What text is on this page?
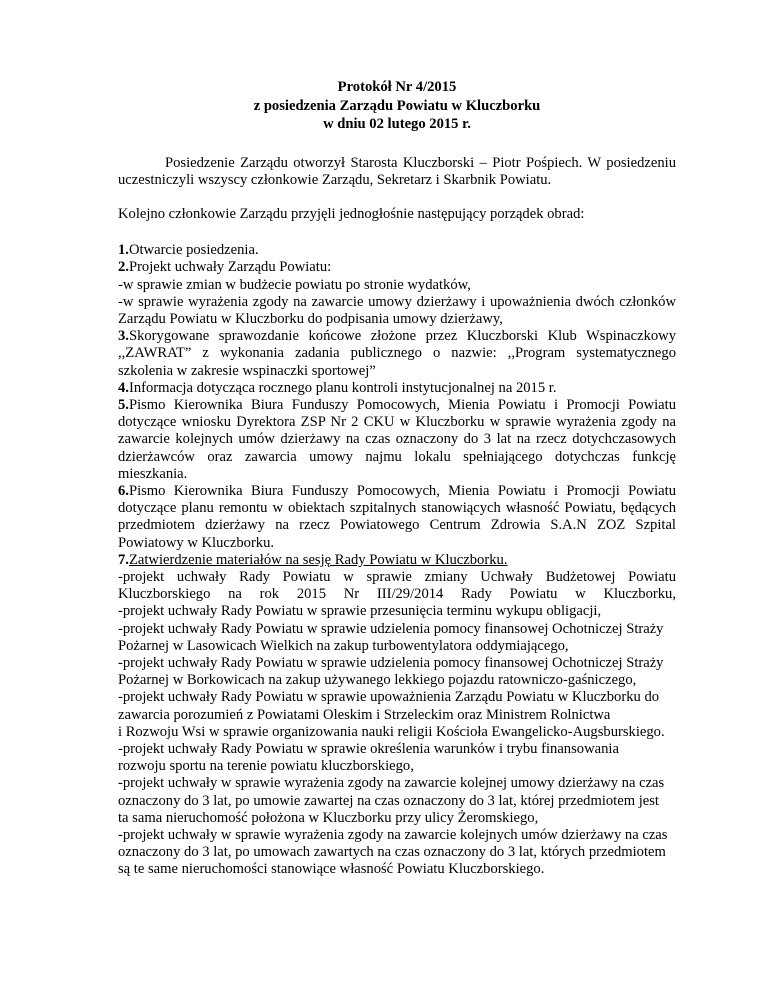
Protokół Nr 4/2015
z posiedzenia Zarządu Powiatu w Kluczborku
w dniu 02 lutego 2015 r.
Posiedzenie Zarządu otworzył Starosta Kluczborski – Piotr Pośpiech. W posiedzeniu
uczestniczyli wszyscy członkowie Zarządu, Sekretarz i Skarbnik Powiatu.
Kolejno członkowie Zarządu przyjęli jednogłośnie następujący porządek obrad:
1.Otwarcie posiedzenia.
2.Projekt uchwały Zarządu Powiatu:
-w sprawie zmian w budżecie powiatu po stronie wydatków,
-w sprawie wyrażenia zgody na zawarcie umowy dzierżawy i upoważnienia dwóch członków
Zarządu Powiatu w Kluczborku do podpisania umowy dzierżawy,
3.Skorygowane sprawozdanie końcowe złożone przez Kluczborski Klub Wspinaczkowy
,,ZAWRAT” z wykonania zadania publicznego o nazwie: ,,Program systematycznego
szkolenia w zakresie wspinaczki sportowej”
4.Informacja dotycząca rocznego planu kontroli instytucjonalnej na 2015 r.
5.Pismo Kierownika Biura Funduszy Pomocowych, Mienia Powiatu i Promocji Powiatu
dotyczące wniosku Dyrektora ZSP Nr 2 CKU w Kluczborku w sprawie wyrażenia zgody na
zawarcie kolejnych umów dzierżawy na czas oznaczony do 3 lat na rzecz dotychczasowych
dzierżawców oraz zawarcia umowy najmu lokalu spełniającego dotychczas funkcję
mieszkania.
6.Pismo Kierownika Biura Funduszy Pomocowych, Mienia Powiatu i Promocji Powiatu
dotyczące planu remontu w obiektach szpitalnych stanowiących własność Powiatu, będących
przedmiotem dzierżawy na rzecz Powiatowego Centrum Zdrowia S.A.N ZOZ Szpital
Powiatowy w Kluczborku.
7.Zatwierdzenie materiałów na sesję Rady Powiatu w Kluczborku.
-projekt uchwały Rady Powiatu w sprawie zmiany Uchwały Budżetowej Powiatu
Kluczborskiego na rok 2015 Nr III/29/2014 Rady Powiatu w Kluczborku,
-projekt uchwały Rady Powiatu w sprawie przesunięcia terminu wykupu obligacji,
-projekt uchwały Rady Powiatu w sprawie udzielenia pomocy finansowej Ochotniczej Straży
Pożarnej w Lasowicach Wielkich na zakup turbowentylatora oddymiającego,
-projekt uchwały Rady Powiatu w sprawie udzielenia pomocy finansowej Ochotniczej Straży
Pożarnej w Borkowicach na zakup używanego lekkiego pojazdu ratowniczo-gaśniczego,
-projekt uchwały Rady Powiatu w sprawie upoważnienia Zarządu Powiatu w Kluczborku do
zawarcia porozumień z Powiatami Oleskim i Strzeleckim oraz Ministrem Rolnictwa
i Rozwoju Wsi w sprawie organizowania nauki religii Kościoła Ewangelicko-Augsburskiego.
-projekt uchwały Rady Powiatu w sprawie określenia warunków i trybu finansowania
rozwoju sportu na terenie powiatu kluczborskiego,
-projekt uchwały w sprawie wyrażenia zgody na zawarcie kolejnej umowy dzierżawy na czas
oznaczony do 3 lat, po umowie zawartej na czas oznaczony do 3 lat, której przedmiotem jest
ta sama nieruchomość położona w Kluczborku przy ulicy Żeromskiego,
-projekt uchwały w sprawie wyrażenia zgody na zawarcie kolejnych umów dzierżawy na czas
oznaczony do 3 lat, po umowach zawartych na czas oznaczony do 3 lat, których przedmiotem
są te same nieruchomości stanowiące własność Powiatu Kluczborskiego.
